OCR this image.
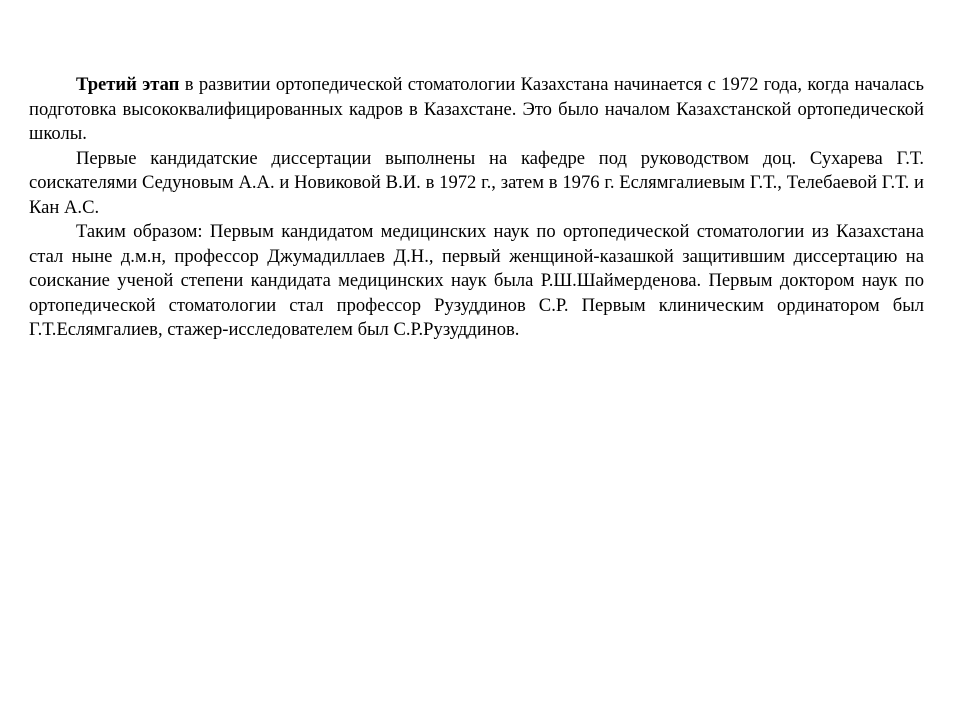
Третий этап в развитии ортопедической стоматологии Казахстана начинается с 1972 года, когда началась подготовка высококвалифицированных кадров в Казахстане. Это было началом Казахстанской ортопедической школы.

Первые кандидатские диссертации выполнены на кафедре под руководством доц. Сухарева Г.Т. соискателями Седуновым А.А. и Новиковой В.И. в 1972 г., затем в 1976 г. Еслямгалиевым Г.Т., Телебаевой Г.Т. и Кан А.С.

Таким образом: Первым кандидатом медицинских наук по ортопедической стоматологии из Казахстана стал ныне д.м.н, профессор Джумадиллаев Д.Н., первый женщиной-казашкой защитившим диссертацию на соискание ученой степени кандидата медицинских наук была Р.Ш.Шаймерденова. Первым доктором наук по ортопедической стоматологии стал профессор Рузуддинов С.Р. Первым клиническим ординатором был Г.Т.Еслямгалиев, стажер-исследователем был С.Р.Рузуддинов.
